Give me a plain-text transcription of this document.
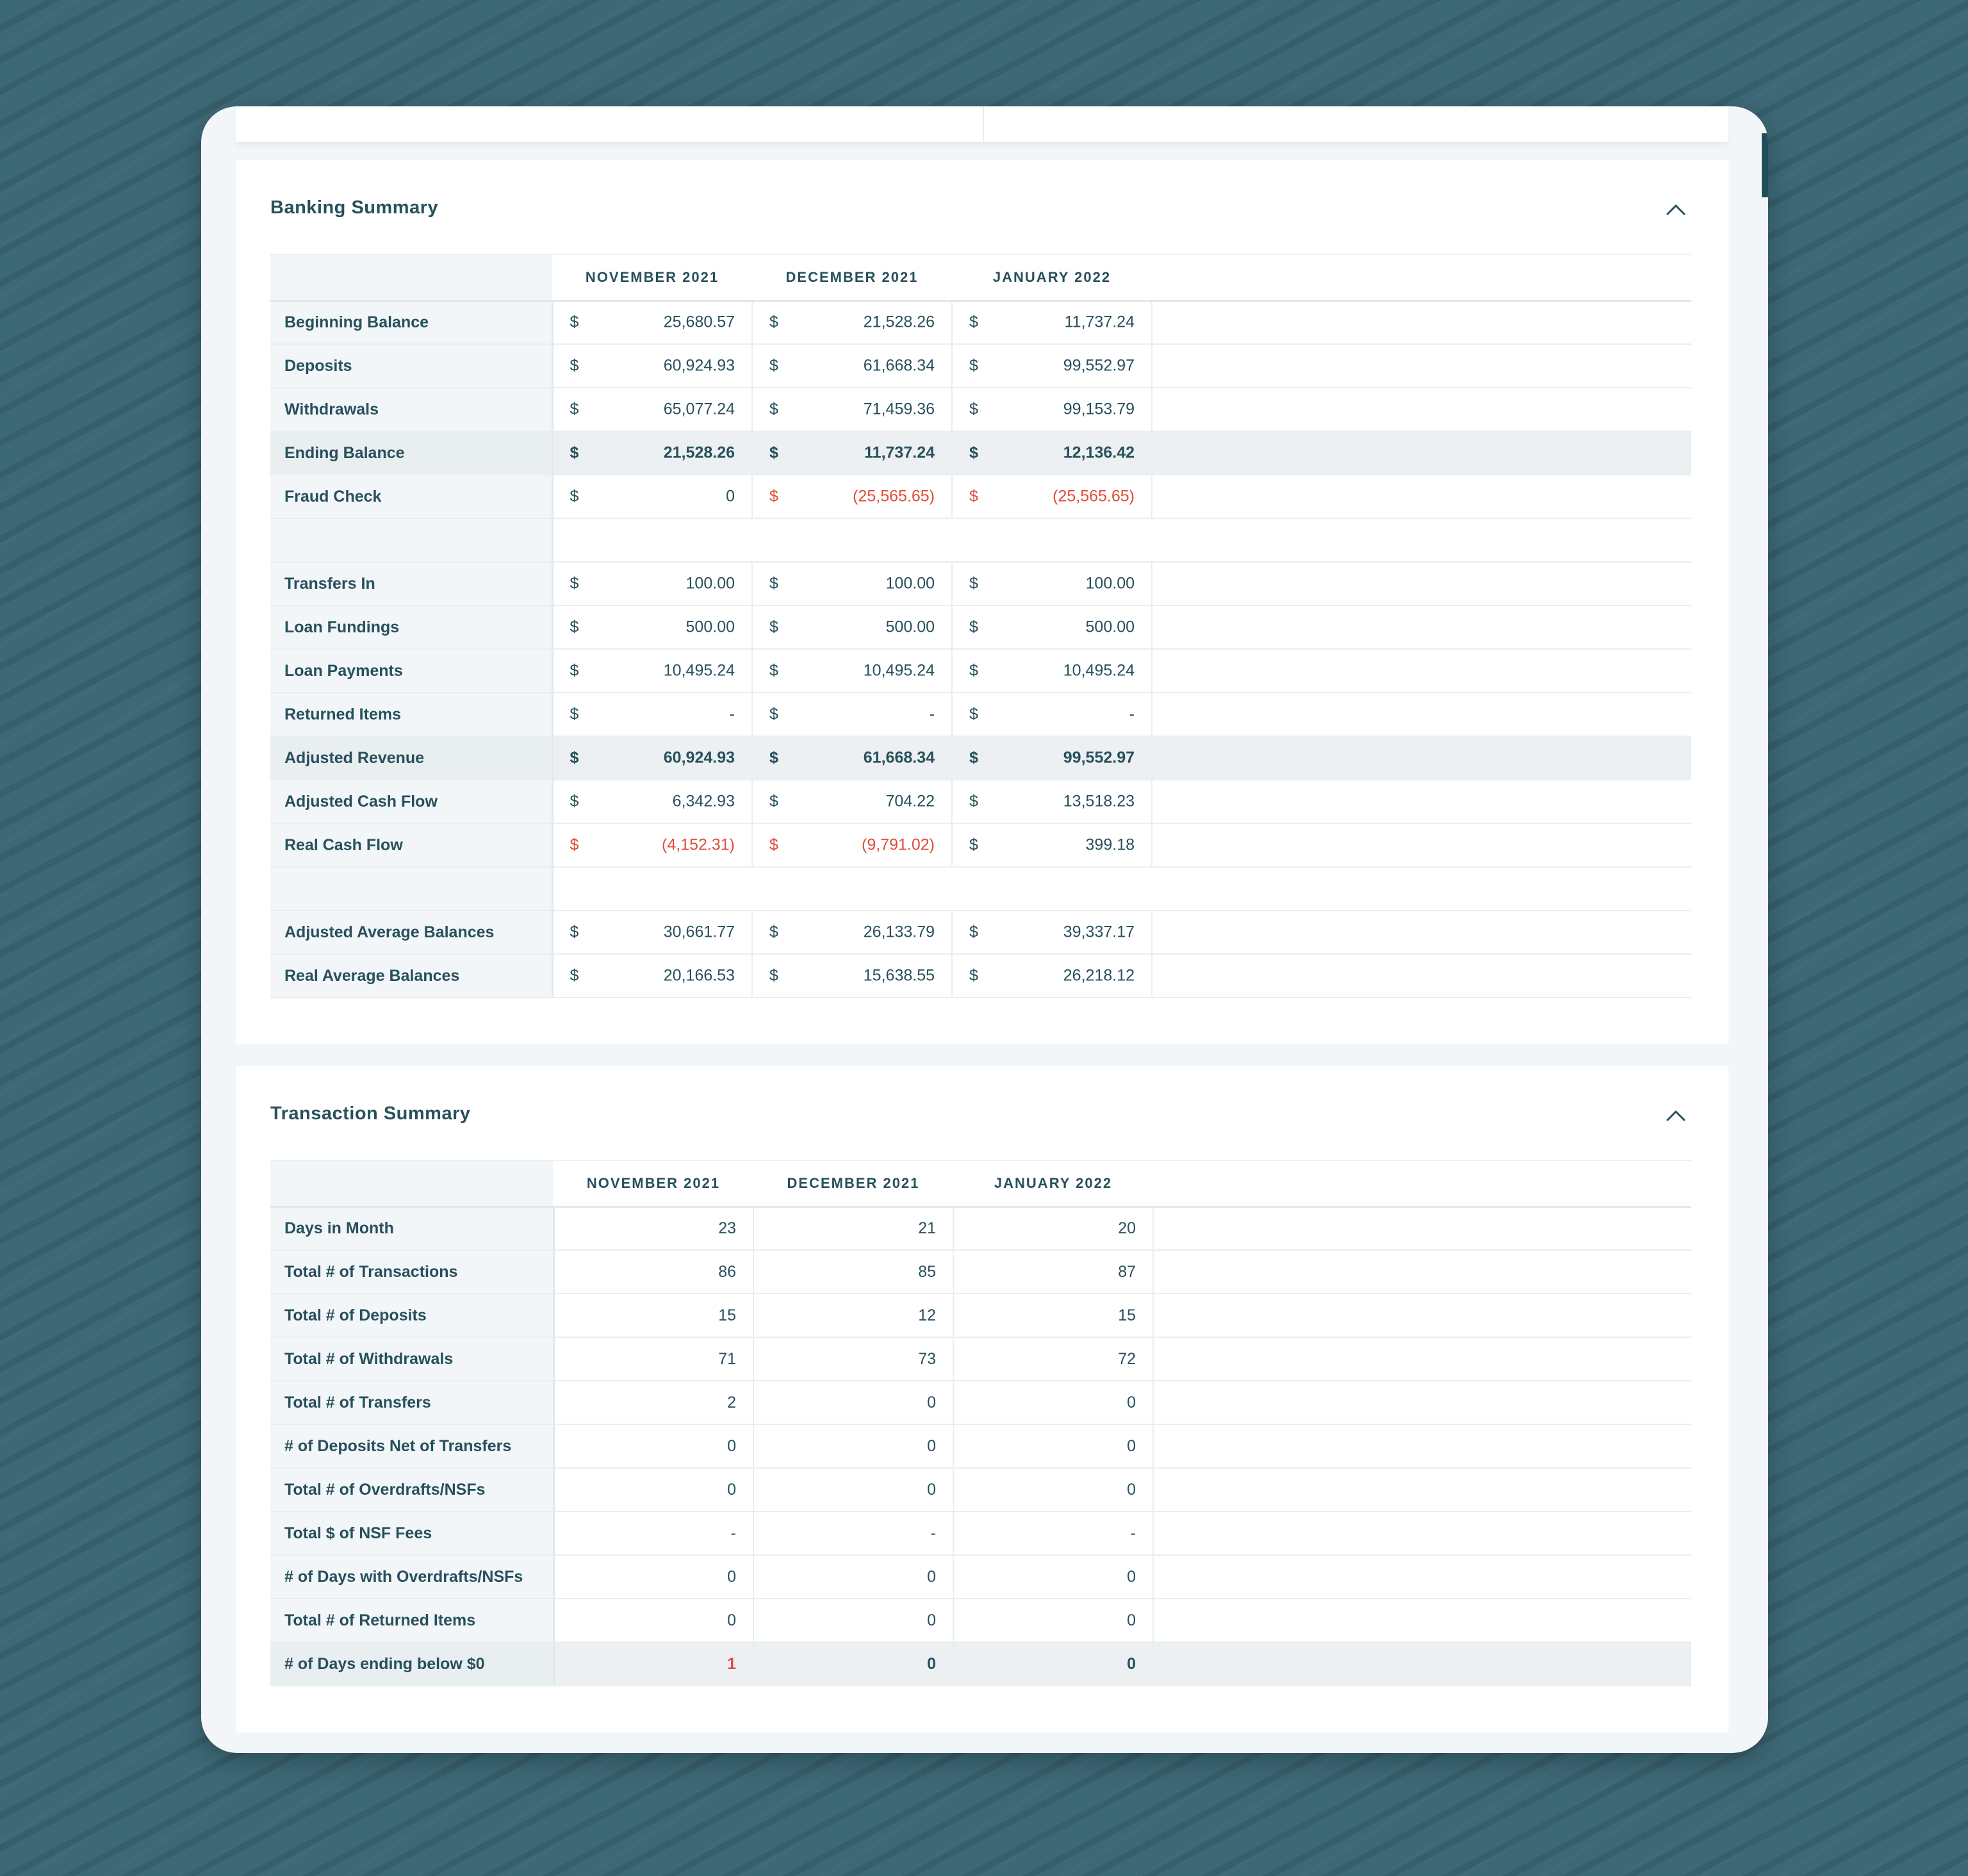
Banking Summary
	NOVEMBER 2021	DECEMBER 2021	JANUARY 2022	
Beginning Balance	$ 25,680.57	$ 21,528.26	$ 11,737.24	

Deposits	$ 60,924.93	$ 61,668.34	$ 99,552.97	

Withdrawals	$ 65,077.24	$ 71,459.36	$ 99,153.79	

Ending Balance	$ 21,528.26	$ 11,737.24	$ 12,136.42	

Fraud Check	$ 0	$ (25,565.65)	$ (25,565.65)	

Transfers In	$ 100.00	$ 100.00	$ 100.00	

Loan Fundings	$ 500.00	$ 500.00	$ 500.00	

Loan Payments	$ 10,495.24	$ 10,495.24	$ 10,495.24	

Returned Items	$ -	$ -	$ -	

Adjusted Revenue	$ 60,924.93	$ 61,668.34	$ 99,552.97	

Adjusted Cash Flow	$ 6,342.93	$ 704.22	$ 13,518.23	

Real Cash Flow	$ (4,152.31)	$ (9,791.02)	$ 399.18	

Adjusted Average Balances	$ 30,661.77	$ 26,133.79	$ 39,337.17	

Real Average Balances	$ 20,166.53	$ 15,638.55	$ 26,218.12	

Transaction Summary
	NOVEMBER 2021	DECEMBER 2021	JANUARY 2022	
Days in Month	23	21	20	
Total # of Transactions	86	85	87	
Total # of Deposits	15	12	15	
Total # of Withdrawals	71	73	72	
Total # of Transfers	2	0	0	
# of Deposits Net of Transfers	0	0	0	
Total # of Overdrafts/NSFs	0	0	0	
Total $ of NSF Fees	-	-	-	
# of Days with Overdrafts/NSFs	0	0	0	
Total # of Returned Items	0	0	0	
# of Days ending below $0	1	0	0	
